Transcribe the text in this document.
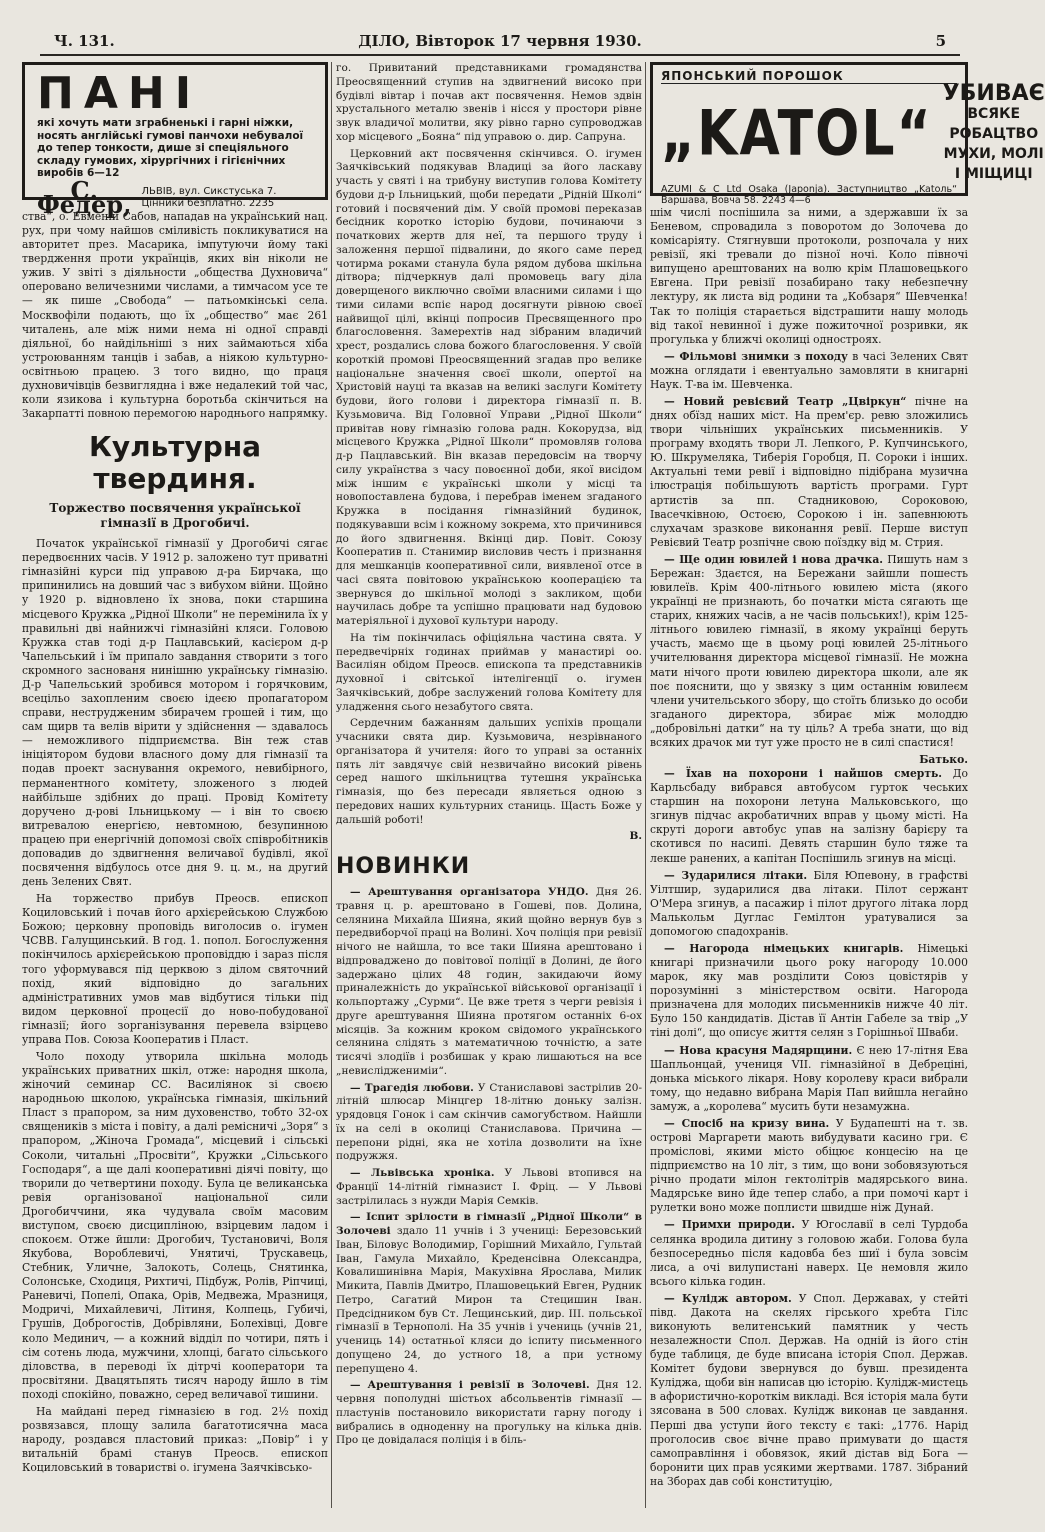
Ч. 131.	ДІЛО, Вівторок 17 червня 1930.	5
ПАНІ
які хочуть мати зграбненькі і гарні ніжки, носять англійські гумові панчохи небувалої до тепер тонкости, дише зі спеціяльного складу гумових, хірургічних і гігієнічних виробів 6—12
С. Федер, ЛЬВІВ, вул. Сикстуська 7. Цінники безплатно. 2235

ства“, о. Евменій Сабов, нападав на український нац. рух, при чому найшов сміливість покликуватися на авторитет през. Масарика, імпутуючи йому такі твердження проти українців, яких він ніколи не ужив. У звіті з діяльности „общества Духновича“ оперовано величезними числами, а тимчасом усе те — як пише „Свобода“ — патьомкінські села. Москвофіли подають, що їх „общество“ має 261 читалень, але між ними нема ні одної справді діяльної, бо найдільніші з них займаються хіба устроюванням танців і забав, а ніякою культурно-освітньою працею. З того видно, що праця духновичівців безвиглядна і вже недалекий той час, коли язикова і культурна боротьба скінчиться на Закарпатті повною перемогою народнього напрямку.

Культурна твердиня.
Торжество посвячення української гімназії в Дрогобичі.

Початок української гімназії у Дрогобичі сягає передвоєнних часів. У 1912 р. заложено тут приватні гімназійні курси під управою д-ра Бирчака, що припинились на довший час з вибухом війни. Щойно у 1920 р. відновлено їх знова, поки старшина місцевого Кружка „Рідної Школи“ не перемінила їх у правильні дві найнижчі гімназійні кляси. Головою Кружка став тоді д-р Пацлавський, касієром д-р Чапельський і їм припало завдання створити з того скромного заснованя нинішню українську гімназію. Д-р Чапельський зробився мотором і горячковим, всецільо захопленим своєю ідеєю пропагатором справи, неструдженим збирачем грошей і тим, що сам щирв та велів вірити у здійснення — здавалось — неможливого підприємства. Він теж став ініціятором будови власного дому для гімназії та подав проект заснування окремого, невибірного, перманентного комітету, зложеного з людей найбільше здібних до праці. Провід Комітету доручено д-рові Ільницькому — і він то своєю витревалою енергією, невтомною, безупинною працею при енергічній допомозі своїх співробітників доповадив до здвигнення величавої будівлі, якої посвячення відбулось отсе дня 9. ц. м., на другий день Зелених Свят.

На торжество прибув Преосв. епископ Коциловський і почав його архієрейською Службою Божою; церковну проповідь виголосив о. ігумен ЧСВВ. Галущинський. В год. 1. попол. Богослуження покінчилось архієрейською проповіддю і зараз після того уформувався під церквою з ділом святочний похід, який відповідно до загальних адміністративних умов мав відбутися тільки під видом церковної процесії до ново-побудованої гімназії; його зорганізування перевела взірцево управа Пов. Союза Кооператив і Пласт.

Чоло походу утворила шкільна молодь українських приватних шкіл, отже: народня школа, жіночий семинар СС. Василіянок зі своєю народньою школою, українська гімназія, шкільний Пласт з прапором, за ним духовенство, тобто 32-ох священиків з міста і повіту, а далі ремісничі „Зоря“ з прапором, „Жіноча Громада“, місцевий і сільські Соколи, читальні „Просвіти“, Кружки „Сільського Господаря“, а ще далі кооперативні діячі повіту, що творили до четвертини походу. Була це великанська ревія організованої національної сили Дрогобиччини, яка чудувала своїм масовим виступом, своєю дисципліною, взірцевим ладом і спокоєм. Отже йшли: Дрогобич, Тустановичі, Воля Якубова, Вороблевичі, Унятичі, Трускавець, Стебник, Уличне, Залокоть, Солець, Снятинка, Солонське, Сходиця, Рихтичі, Підбуж, Ролів, Ріпчиці, Раневичі, Попелі, Опака, Орів, Медвежа, Мразниця, Модричі, Михайлевичі, Літиня, Колпець, Губичі, Грушів, Доброгостів, Добрівляни, Болехівці, Довге коло Мединич, — а кожний відділ по чотири, пять і сім сотень люда, мужчини, хлопці, багато сільського діловства, в переводі їх дітрчі кооператори та просвітяни. Двацятьпять тисяч народу йшло в тім поході спокійно, поважно, серед величавої тишини.

На майдані перед гімназією в год. 2½ похід розвязався, площу залила багатотисячна маса народу, роздався пластовий приказ: „Повір“ і у витальній брамі станув Преосв. епископ Коциловський в товаристві о. ігумена Заячківсько-

го. Привитаний представниками громадянства Преосвященний ступив на здвигнений високо при будівлі вівтар і почав акт посвячення. Немов здвін хрустального металю звенів і нісся у простори рівне звук владичої молитви, яку рівно гарно супроводжав хор місцевого „Бояна“ під управою о. дир. Сапруна.

Церковний акт посвячення скінчився. О. ігумен Заячківський подякував Владиці за його ласкаву участь у святі і на трибуну виступив голова Комітету будови д-р Ільницький, щоби передати „Рідній Школі“ готовий і посвячений дім. У своїй промові переказав бесідник коротко історію будови, починаючи з початкових жертв для неї, та першого труду і заложення першої підвалини, до якого саме перед чотирма роками станула була рядом дубова шкільна дітвора; підчеркнув далі промовець вагу діла доверщеного виключно своїми власними силами і що тими силами вспіє народ досягнути рівною своєї найвищої цілі, вкінці попросив Пресвященного про благословення. Замерехтів над зібраним владичий хрест, роздались слова божого благословення. У своїй короткій промові Преосвященний згадав про велике національне значення своєї школи, опертої на Христовій науці та вказав на великі заслуги Комітету будови, його голови і директора гімназії п. В. Кузьмовича. Від Головної Управи „Рідної Школи“ привітав нову гімназію голова радн. Кокорудза, від місцевого Кружка „Рідної Школи“ промовляв голова д-р Пацлавський. Він вказав передовсім на творчу силу українства з часу повоєнної доби, якої висідом між іншим є українські школи у місці та новопоставлена будова, і перебрав іменем згаданого Кружка в посідання гімназійний будинок, подякувавши всім і кожному зокрема, хто причинився до його здвигнення. Вкінці дир. Повіт. Союзу Кооператив п. Станимир висловив честь і признання для мешканців кооперативної сили, виявленої отсе в часі свята повітовою українською кооперацією та звернувся до шкільної молоді з закликом, щоби научилась добре та успішно працювати над будовою матеріяльної і духової культури народу.

На тім покінчилась офіціяльна частина свята. У передвечірніх годинах приймав у манастирі оо. Василіян обідом Преосв. епископа та представників духовної і світської інтелігенції о. ігумен Заячківський, добре заслужений голова Комітету для уладження сього незабутого свята.

Сердечним бажанням дальших успіхів прощали учасники свята дир. Кузьмовича, незрівнаного організатора й учителя: його то управі за останніх пять літ завдячує свій незвичайно високий рівень серед нашого шкільництва тутешня українська гімназія, що без пересади являється одною з передових наших культурних станиць. Щасть Боже у дальшій роботі!

В.
НОВИНКИ

— Арештування організатора УНДО. Дня 26. травня ц. р. арештовано в Гошеві, пов. Долина, селянина Михайла Шияна, який щойно вернув був з передвиборчої праці на Волині. Хоч поліція при ревізії нічого не найшла, то все таки Шияна арештовано і відпроваджено до повітової поліції в Долині, де його задержано цілих 48 годин, закидаючи йому приналежність до української військової організації і кольпортажу „Сурми“. Це вже третя з черги ревізія і друге арештування Шияна протягом останніх 6-ох місяців. За кожним кроком свідомого українського селянина слідять з математичною точністю, а зате тисячі злодіїв і розбишак у краю лишаються на все „невисліджениміи“.

— Трагедія любови. У Станиславові застрілив 20-літній шлюсар Мінцгер 18-літню доньку залізн. урядовця Гонок і сам скінчив самогубством. Найшли їх на селі в околиці Станиславова. Причина — перепони рідні, яка не хотіла дозволити на їхне подружжя.

— Львівська хроніка. У Львові втопився на Франції 14-літній гімназист І. Фріц. — У Львові застрілилась з нужди Марія Семків.

— Іспит зрілости в гімназії „Рідної Школи“ в Золочеві здало 11 учнів і 3 учениці: Березовський Іван, Біловус Володимир, Горішний Михайло, Гультай Іван, Гамула Михайло, Креденсівна Олександра, Ковалишинівна Марія, Макухівна Ярослава, Милик Микита, Павлів Дмитро, Плашовецький Евген, Рудник Петро, Сагатий Мирон та Стецишин Іван. Предсідником був Ст. Лещинський, дир. ІІІ. польської гімназії в Тернополі. На 35 учнів і учениць (учнів 21, учениць 14) остатньої кляси до іспиту письменного допущено 24, до устного 18, а при устному перепущено 4.

— Арештування і ревізії в Золочеві. Дня 12. червня пополудні шістьох абсольвентів гімназії — пластунів постановило використати гарну погоду і вибрались в одноденну на прогульку на кілька днів. Про це довідалася поліція і в біль-

ЯПОНСЬКИЙ ПОРОШОК
„KATOL“
УБИВАЄ
ВСЯКЕ РОБАЦТВО
МУХИ, МОЛІ І МІЩИЦІ
AZUMI & C Ltd Osaka (Japonja). Заступництво „Katоль“ Варшава, Вовча 58. 2243 4—6

шім числі поспішила за ними, а здержавши їх за Беневом, спровадила з поворотом до Золочева до комісаріяту. Стягнувши протоколи, розпочала у них ревізії, які тревали до пізної ночі. Коло півночі випущено арештованих на волю крім Плашовецького Евгена. При ревізії позабирано таку небезпечну лектуру, як листа від родини та „Кобзаря“ Шевченка! Так то поліція старається відстрашити нашу молодь від такої невинної і дуже пожиточної розривки, як прогулька у ближчі околиці одностроях.

— Фільмові знимки з походу в часі Зелених Свят можна оглядати і евентуально замовляти в книгарні Наук. Т-ва ім. Шевченка.

— Новий ревієвий Театр „Цвіркун“ пічне на днях обїзд наших міст. На прем'єр. ревю зложились твори чільніших українських письменників. У програму входять твори Л. Лепкого, Р. Купчинського, Ю. Шкрумеляка, Тиберія Горобця, П. Сороки і інших. Актуальні теми ревії і відповідно підібрана музична ілюстрація побільшують вартість програми. Гурт артистів за пп. Стадниковою, Сороковою, Івасечківною, Остоєю, Сорокою і ін. запевнюють слухачам зразкове виконання ревії. Перше виступ Ревієвий Театр розпічне свою поїздку від м. Стрия.

— Ще один ювилей і нова драчка. Пишуть нам з Бережан: Здаєтся, на Бережани зайшли пошесть ювилеїв. Крім 400-літнього ювилею міста (якого українці не признають, бо початки міста сягають ще старих, княжих часів, а не часів польських!), крім 125-літнього ювилею гімназії, в якому українці беруть участь, маємо ще в цьому році ювилей 25-літнього учителювання директора місцевої гімназії. Не можна мати нічого проти ювилею директора школи, але як поє пояснити, що у звязку з цим останнім ювилеєм члени учительського збору, що стоїть близько до особи згаданого директора, збирає між молоддю „добровільні датки“ на ту ціль? А треба знати, що від всяких драчок ми тут уже просто не в силі спастися!

Батько.

— Їхав на похорони і найшов смерть. До Карльсбаду вибрався автобусом гурток чеських старшин на похорони летуна Мальковського, що згинув підчас акробатичних вправ у цьому місті. На скруті дороги автобус упав на залізну барієру та скотився по насипі. Девять старшин було тяже та лекше ранених, а капітан Поспішиль згинув на місці.

— Зударилися літаки. Біля Юпевону, в графстві Уілтшир, зударилися два літаки. Пілот сержант О'Мера згинув, а пасажир і пілот другого літака лорд Малькольм Дуглас Гемілтон уратувалися за допомогою спадохранів.

— Нагорода німецьких книгарів. Німецькі книгарі призначили цього року нагороду 10.000 марок, яку мав розділити Союз цовістярів у порозумінні з міністерством освіти. Нагорода призначена для молодих письменників нижче 40 літ. Було 150 кандидатів. Дістав її Антін Габеле за твір „У тіні долі“, що описує життя селян з Горішньої Шваби.

— Нова красуня Мадярщини. Є нею 17-літня Ева Шапльонцай, учениця VII. гімназійної в Дебреціні, донька міського лікаря. Нову королеву краси вибрали тому, що недавно вибрана Марія Пап вийшла негайно замуж, а „королева“ мусить бути незамужна.

— Спосіб на кризу вина. У Будапешті на т. зв. острові Маргарети мають вибудувати касино гри. Є проміслові, якими місто обіцює концесію на це підприємство на 10 літ, з тим, що вони зобовязуються річно продати мілон гектолітрів мадярського вина. Мадярське вино йде тепер слабо, а при помочі карт і рулетки воно може поплисти швидше ніж Дунай.

— Примхи природи. У Югославії в селі Турдоба селянка вродила дитину з головою жаби. Голова була безпосередньо після кадовба без шиї і була зовсім лиса, а очі вилупистані наверх. Це немовля жило всього кілька годин.

— Кулідж автором. У Спол. Державах, у стейті півд. Дакота на скелях гірського хребта Гілс виконують велитенський памятник у честь незалежности Спол. Держав. На одній із його стін буде таблиця, де буде вписана історія Спол. Держав. Комітет будови звернувся до бувш. президента Куліджа, щоби він написав цю історію. Кулідж-мистець в афористично-короткім викладі. Вся історія мала бути зясована в 500 словах. Кулідж виконав це завдання. Перші два уступи його тексту є такі: „1776. Нарід проголосив своє вічне право примувати до щастя самоправління і обовязок, який дістав від Бога — боронити цих прав усякими жертвами. 1787. Зібраний на Зборах дав собі конституцію,
